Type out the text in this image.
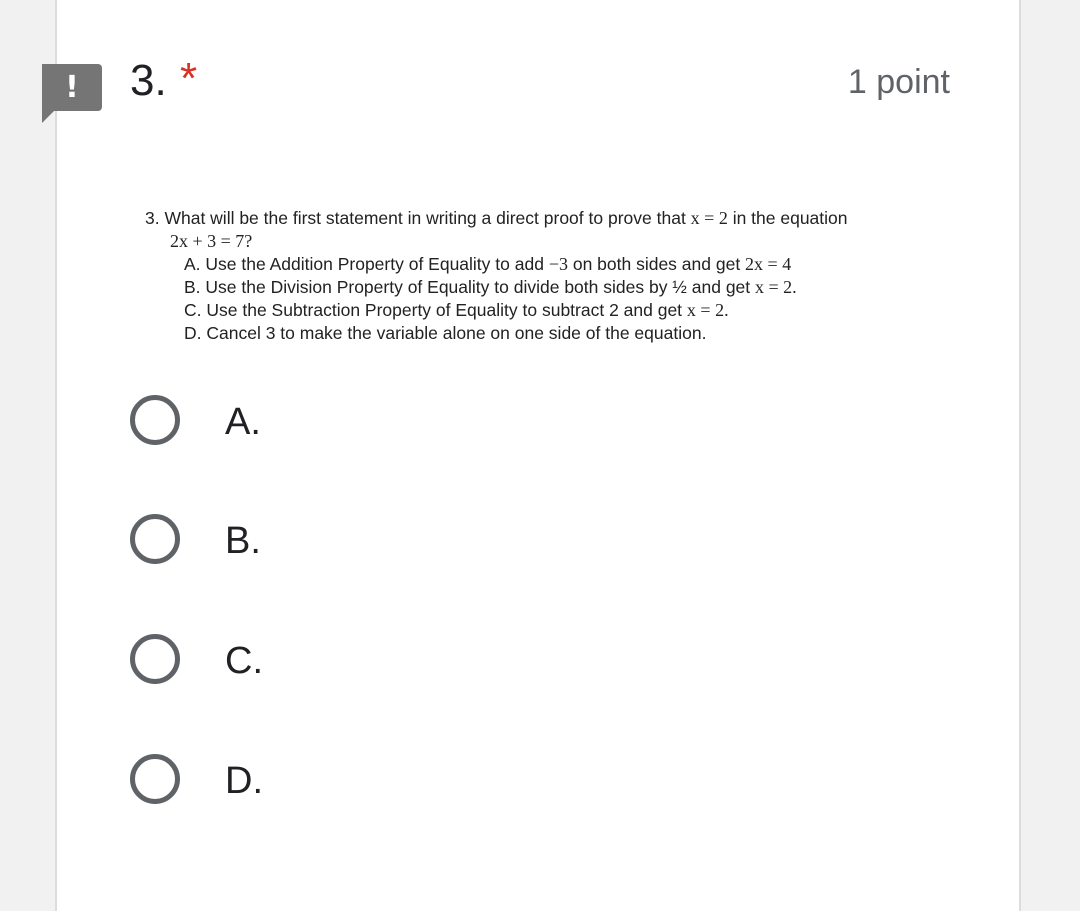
!	3. *	1 point
3. What will be the first statement in writing a direct proof to prove that x = 2 in the equation
2x + 3 = 7?
A. Use the Addition Property of Equality to add −3 on both sides and get 2x = 4
B. Use the Division Property of Equality to divide both sides by ½ and get x = 2.
C. Use the Subtraction Property of Equality to subtract 2 and get x = 2.
D. Cancel 3 to make the variable alone on one side of the equation.
A.
B.
C.
D.
